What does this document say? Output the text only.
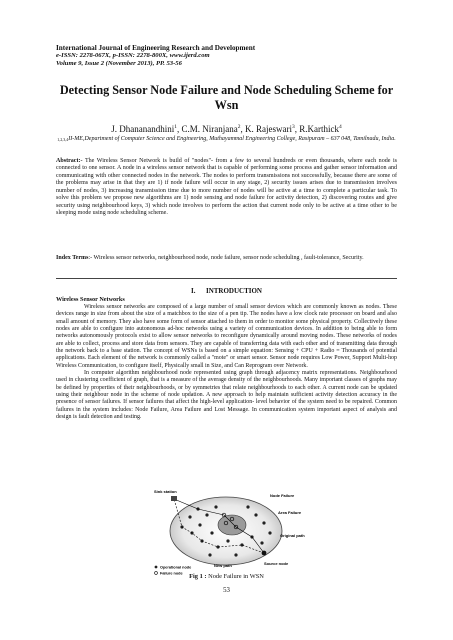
International Journal of Engineering Research and Development
e-ISSN: 2278-067X, p-ISSN: 2278-800X, www.ijerd.com
Volume 9, Issue 2 (November 2013), PP. 53-56
Detecting Sensor Node Failure and Node Scheduling Scheme for Wsn
J. Dhananandhini$^1$, C.M. Niranjana$^2$, K. Rajeswari$^3$, R.Karthick$^4$
$^{1,2,3,4}$II-ME,Department of Computer Science and Engineering, Muthayammal Engineering College, Rasipuram – 637 048, Tamilnadu, India.
Abstract:- The Wireless Sensor Network is build of "nodes"- from a few to several hundreds or even thousands, where each node is connected to one sensor. A node in a wireless sensor network that is capable of performing some process and gather sensor information and communicating with other connected nodes in the network. The nodes to perform transmissions not successfully, because there are some of the problems may arise in that they are 1) if node failure will occur in any stage, 2) security issues arises due to transmission involves number of nodes, 3) increasing transmission time due to more number of nodes will be active at a time to complete a particular task. To solve this problem we propose new algorithms are 1) node sensing and node failure for activity detection, 2) discovering routes and give security using neighbourhood keys, 3) which node involves to perform the action that current node only to be active at a time other to be sleeping mode using node scheduling scheme.
Index Terms:- Wireless sensor networks, neighbourhood node, node failure, sensor node scheduling , fault-tolerance, Security.
I. INTRODUCTION
Wireless Sensor Networks

Wireless sensor networks are composed of a large number of small sensor devices which are commonly known as nodes. These devices range in size from about the size of a matchbox to the size of a pen tip. The nodes have a low clock rate processor on board and also small amount of memory. They also have some form of sensor attached to them in order to monitor some physical property. Collectively these nodes are able to configure into autonomous ad-hoc networks using a variety of communication devices. In addition to being able to form networks autonomously protocols exist to allow sensor networks to reconfigure dynamically around moving nodes. These networks of nodes are able to collect, process and store data from sensors. They are capable of transferring data with each other and of transmitting data through the network back to a base station. The concept of WSNs is based on a simple equation: Sensing + CPU + Radio = Thousands of potential applications. Each element of the network is commonly called a "mote" or smart sensor. Sensor node requires Low Power, Support Multi-hop Wireless Communication, to configure itself, Physically small in Size, and Can Reprogram over Network.

In computer algorithm neighbourhood node represented using graph through adjacency matrix representations. Neighbourhood used in clustering coefficient of graph, that is a measure of the average density of the neighbourhoods. Many important classes of graphs may be defined by properties of their neighbourhoods, or by symmetries that relate neighbourhoods to each other. A current node can be updated using their neighbour node in the scheme of node updation. A new approach to help maintain sufficient activity detection accuracy in the presence of sensor failures. If sensor failures that affect the high-level application- level behavior of the system need to be repaired. Common failures in the system includes: Node Failure, Area Failure and Lost Message. In communication system important aspect of analysis and design is fault detection and testing.

Sink station
Node Failure
Area Failure
Original path
New path	Source node
Operational node
Failure node	Fig 1 : Node Failure in WSN
53
